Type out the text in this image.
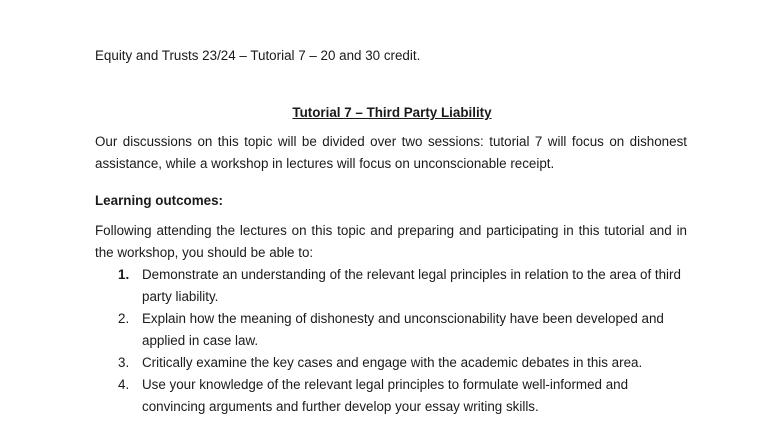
Equity and Trusts 23/24 – Tutorial 7 – 20 and 30 credit.
Tutorial 7 – Third Party Liability
Our discussions on this topic will be divided over two sessions: tutorial 7 will focus on dishonest assistance, while a workshop in lectures will focus on unconscionable receipt.
Learning outcomes:
Following attending the lectures on this topic and preparing and participating in this tutorial and in the workshop, you should be able to:
1. Demonstrate an understanding of the relevant legal principles in relation to the area of third party liability.
2. Explain how the meaning of dishonesty and unconscionability have been developed and applied in case law.
3. Critically examine the key cases and engage with the academic debates in this area.
4. Use your knowledge of the relevant legal principles to formulate well-informed and convincing arguments and further develop your essay writing skills.
